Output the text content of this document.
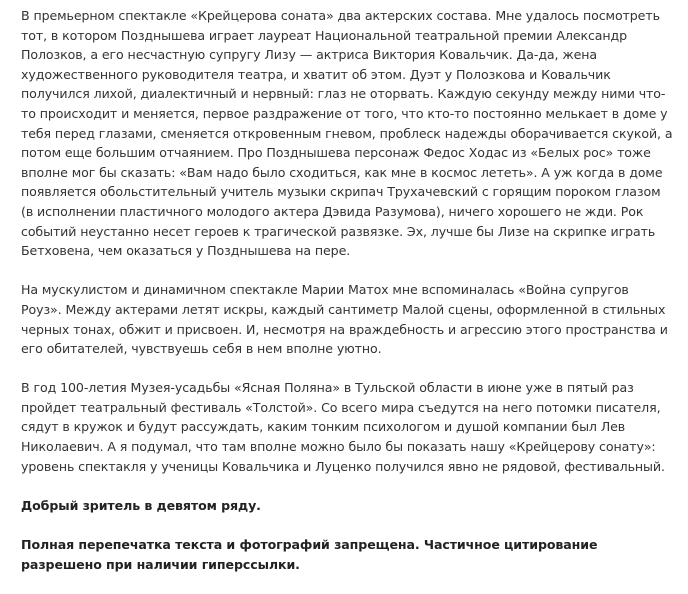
В премьерном спектакле «Крейцерова соната» два актерских состава. Мне удалось посмотреть тот, в котором Позднышева играет лауреат Национальной театральной премии Александр Полозков, а его несчастную супругу Лизу — актриса Виктория Ковальчик. Да-да, жена художественного руководителя театра, и хватит об этом. Дуэт у Полозкова и Ковальчик получился лихой, диалектичный и нервный: глаз не оторвать. Каждую секунду между ними что-то происходит и меняется, первое раздражение от того, что кто-то постоянно мелькает в доме у тебя перед глазами, сменяется откровенным гневом, проблеск надежды оборачивается скукой, а потом еще большим отчаянием. Про Позднышева персонаж Федос Ходас из «Белых рос» тоже вполне мог бы сказать: «Вам надо было сходиться, как мне в космос лететь». А уж когда в доме появляется обольстительный учитель музыки скрипач Трухачевский с горящим пороком глазом (в исполнении пластичного молодого актера Дэвида Разумова), ничего хорошего не жди. Рок событий неустанно несет героев к трагической развязке. Эх, лучше бы Лизе на скрипке играть Бетховена, чем оказаться у Позднышева на пере.

На мускулистом и динамичном спектакле Марии Матох мне вспоминалась «Война супругов Роуз». Между актерами летят искры, каждый сантиметр Малой сцены, оформленной в стильных черных тонах, обжит и присвоен. И, несмотря на враждебность и агрессию этого пространства и его обитателей, чувствуешь себя в нем вполне уютно.

В год 100-летия Музея-усадьбы «Ясная Поляна» в Тульской области в июне уже в пятый раз пройдет театральный фестиваль «Толстой». Со всего мира съедутся на него потомки писателя, сядут в кружок и будут рассуждать, каким тонким психологом и душой компании был Лев Николаевич. А я подумал, что там вполне можно было бы показать нашу «Крейцерову сонату»: уровень спектакля у ученицы Ковальчика и Луценко получился явно не рядовой, фестивальный.

Добрый зритель в девятом ряду.

Полная перепечатка текста и фотографий запрещена. Частичное цитирование разрешено при наличии гиперссылки.
